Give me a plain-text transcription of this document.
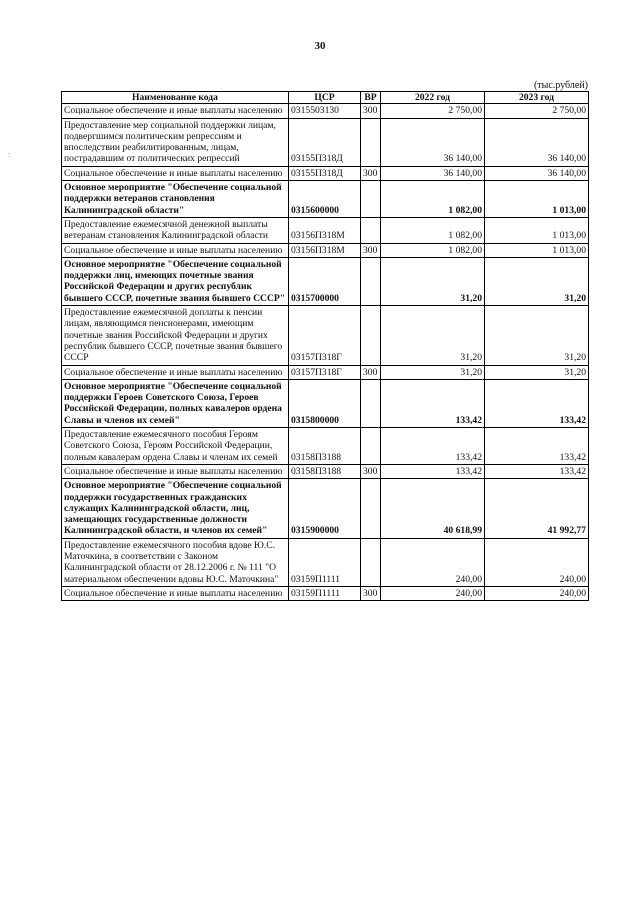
30
(тыс.рублей)
:
Наименование кода	ЦСР	ВР	2022 год	2023 год
Социальное обеспечение и иные выплаты населению	0315503130	300	2 750,00	2 750,00
Предоставление мер социальной поддержки лицам, подвергшимся политическим репрессиям и впоследствии реабилитированным, лицам, пострадавшим от политических репрессий	03155П318Д		36 140,00	36 140,00
Социальное обеспечение и иные выплаты населению	03155П318Д	300	36 140,00	36 140,00
Основное мероприятие "Обеспечение социальной поддержки ветеранов становления Калининградской области"	0315600000		1 082,00	1 013,00
Предоставление ежемесячной денежной выплаты ветеранам становления Калининградской области	03156П318М		1 082,00	1 013,00
Социальное обеспечение и иные выплаты населению	03156П318М	300	1 082,00	1 013,00
Основное мероприятие "Обеспечение социальной поддержки лиц, имеющих почетные звания Российской Федерации и других республик бывшего СССР, почетные звания бывшего СССР"	0315700000		31,20	31,20
Предоставление ежемесячной доплаты к пенсии лицам, являющимся пенсионерами, имеющим почетные звания Российской Федерации и других республик бывшего СССР, почетные звания бывшего СССР	03157П318Г		31,20	31,20
Социальное обеспечение и иные выплаты населению	03157П318Г	300	31,20	31,20
Основное мероприятие "Обеспечение социальной поддержки Героев Советского Союза, Героев Российской Федерации, полных кавалеров ордена Славы и членов их семей"	0315800000		133,42	133,42
Предоставление ежемесячного пособия Героям Советского Союза, Героям Российской Федерации, полным кавалерам ордена Славы и членам их семей	03158П3188		133,42	133,42
Социальное обеспечение и иные выплаты населению	03158П3188	300	133,42	133,42
Основное мероприятие "Обеспечение социальной поддержки государственных гражданских служащих Калининградской области, лиц, замещающих государственные должности Калининградской области, и членов их семей"	0315900000		40 618,99	41 992,77
Предоставление ежемесячного пособия вдове Ю.С. Маточкина, в соответствии с Законом Калининградской области от 28.12.2006 г. № 111 "О материальном обеспечении вдовы Ю.С. Маточкина"	03159П1111		240,00	240,00
Социальное обеспечение и иные выплаты населению	03159П1111	300	240,00	240,00
